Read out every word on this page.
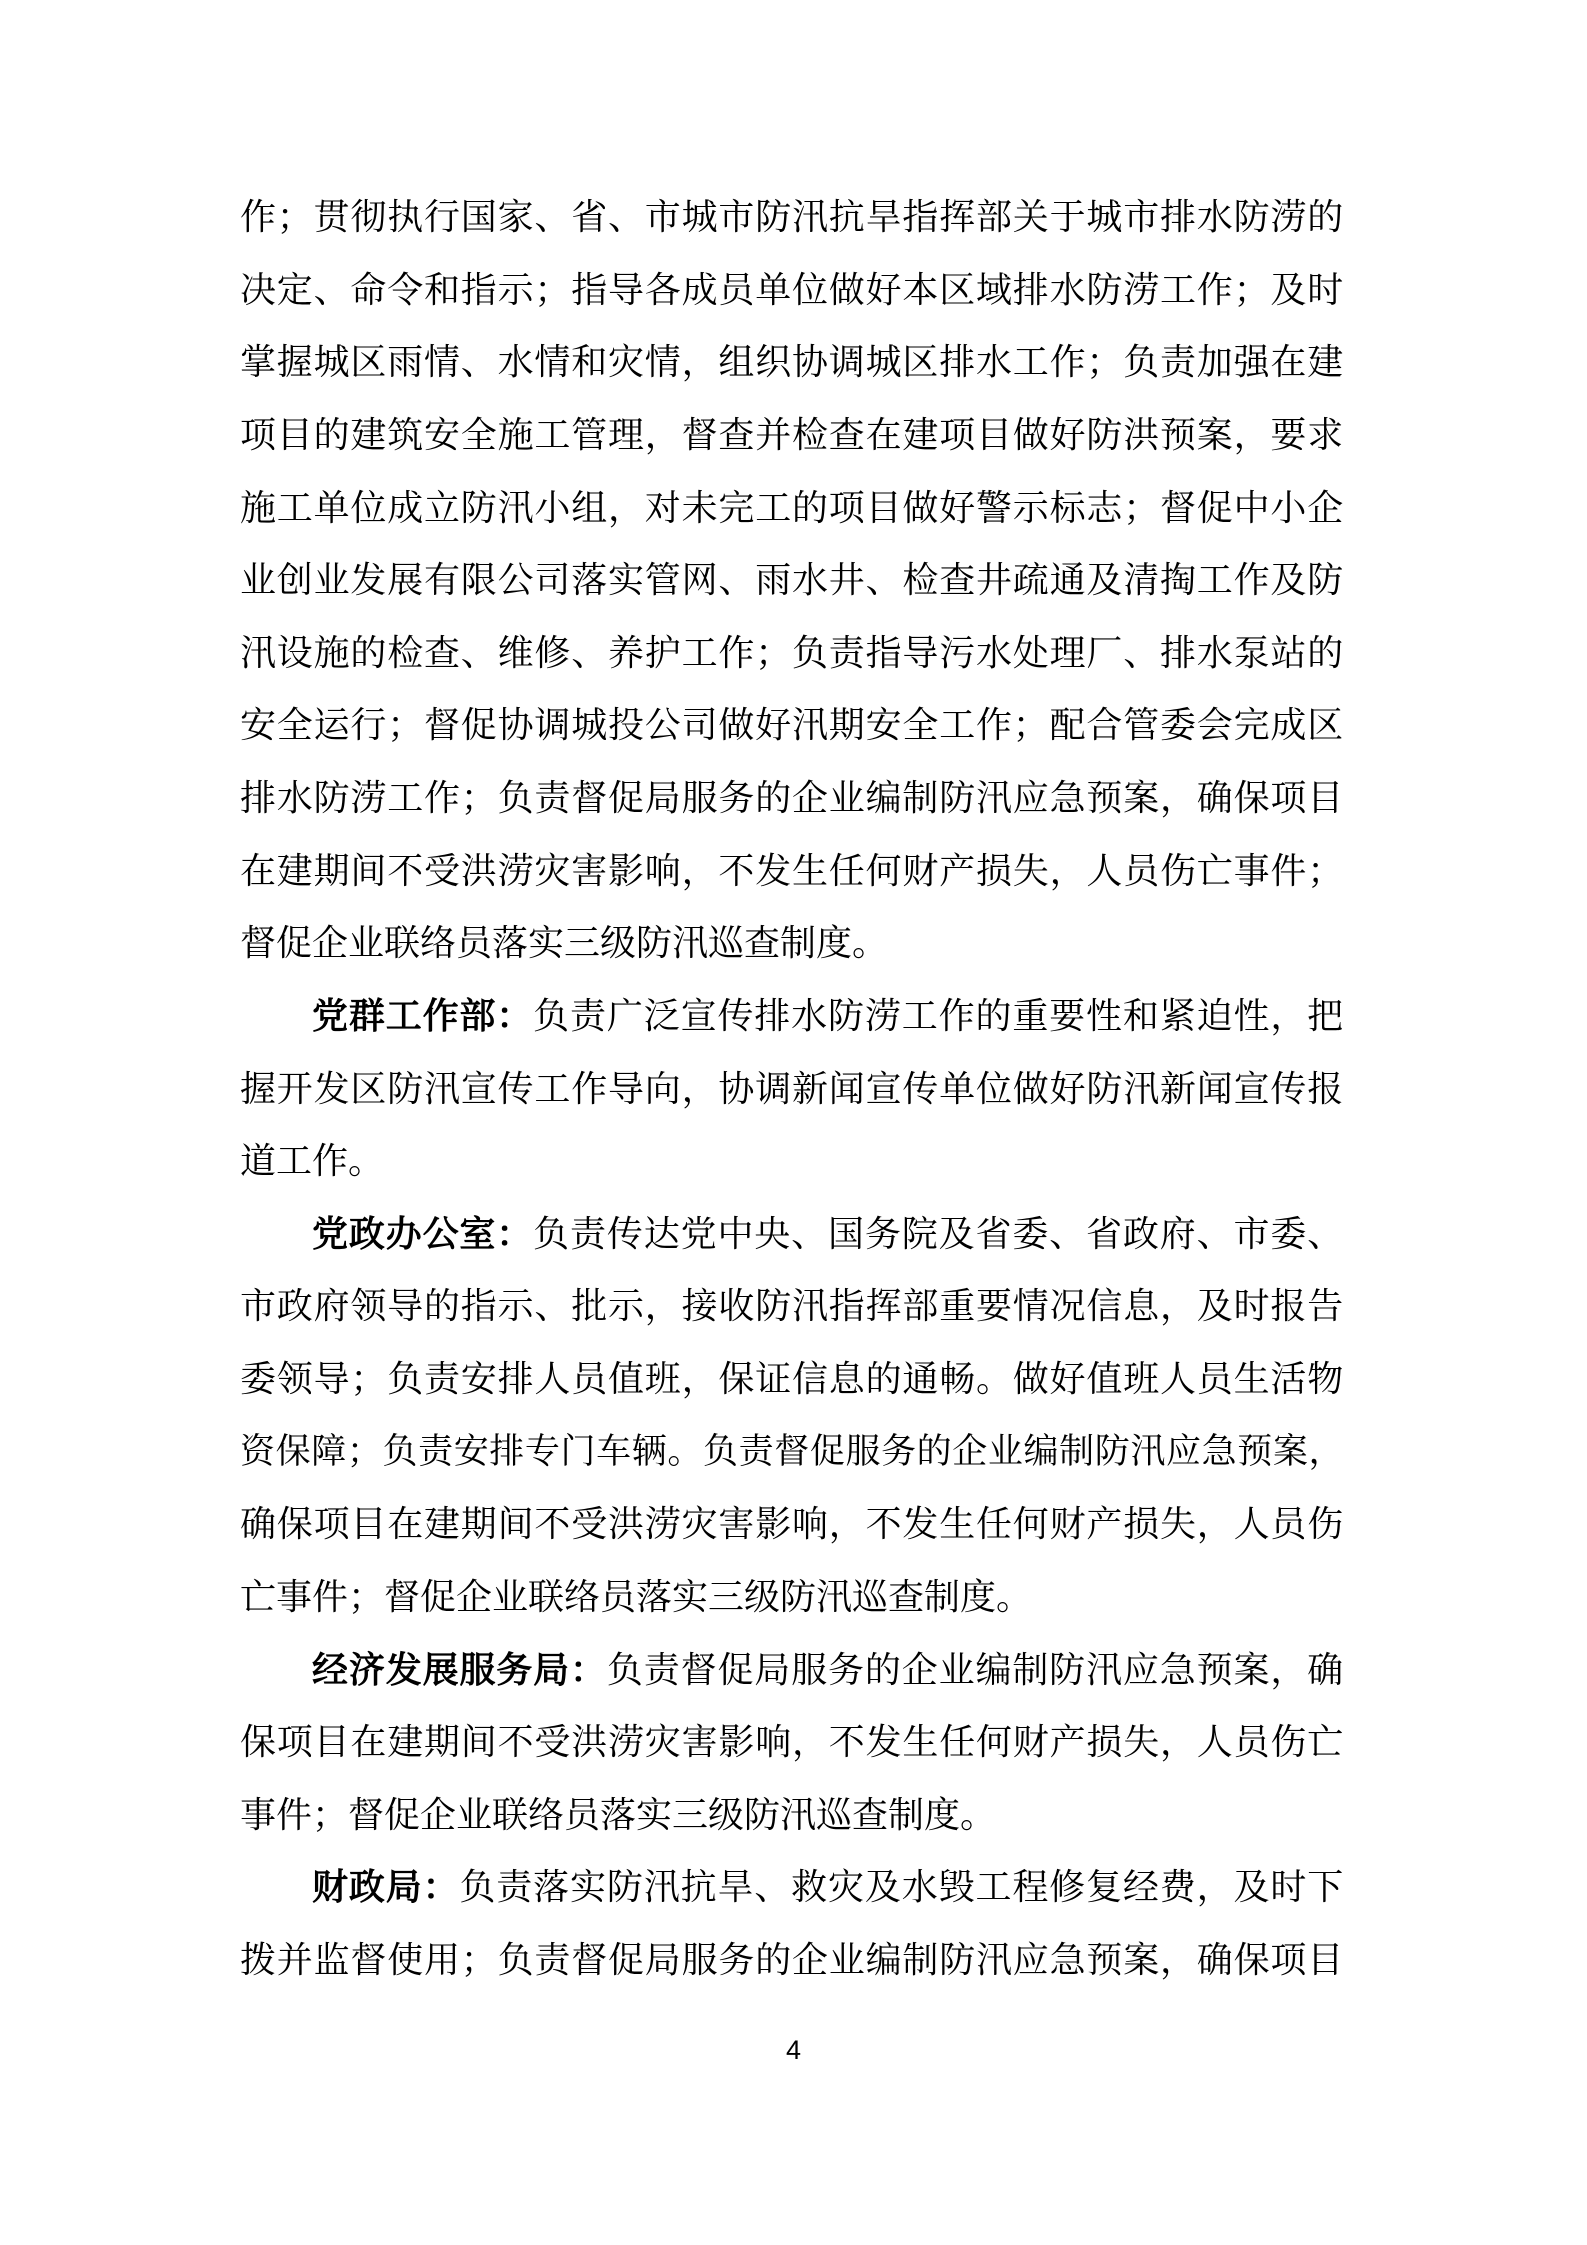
作；贯彻执行国家、省、市城市防汛抗旱指挥部关于城市排水防涝的
决定、命令和指示；指导各成员单位做好本区域排水防涝工作；及时
掌握城区雨情、水情和灾情，组织协调城区排水工作；负责加强在建
项目的建筑安全施工管理，督查并检查在建项目做好防洪预案，要求
施工单位成立防汛小组，对未完工的项目做好警示标志；督促中小企
业创业发展有限公司落实管网、雨水井、检查井疏通及清掏工作及防
汛设施的检查、维修、养护工作；负责指导污水处理厂、排水泵站的
安全运行；督促协调城投公司做好汛期安全工作；配合管委会完成区
排水防涝工作；负责督促局服务的企业编制防汛应急预案，确保项目
在建期间不受洪涝灾害影响，不发生任何财产损失，人员伤亡事件；
督促企业联络员落实三级防汛巡查制度。
党群工作部：负责广泛宣传排水防涝工作的重要性和紧迫性，把
握开发区防汛宣传工作导向，协调新闻宣传单位做好防汛新闻宣传报
道工作。
党政办公室：负责传达党中央、国务院及省委、省政府、市委、
市政府领导的指示、批示，接收防汛指挥部重要情况信息，及时报告
委领导；负责安排人员值班，保证信息的通畅。做好值班人员生活物
资保障；负责安排专门车辆。负责督促服务的企业编制防汛应急预案，
确保项目在建期间不受洪涝灾害影响，不发生任何财产损失，人员伤
亡事件；督促企业联络员落实三级防汛巡查制度。
经济发展服务局：负责督促局服务的企业编制防汛应急预案，确
保项目在建期间不受洪涝灾害影响，不发生任何财产损失，人员伤亡
事件；督促企业联络员落实三级防汛巡查制度。
财政局：负责落实防汛抗旱、救灾及水毁工程修复经费，及时下
拨并监督使用；负责督促局服务的企业编制防汛应急预案，确保项目
4
